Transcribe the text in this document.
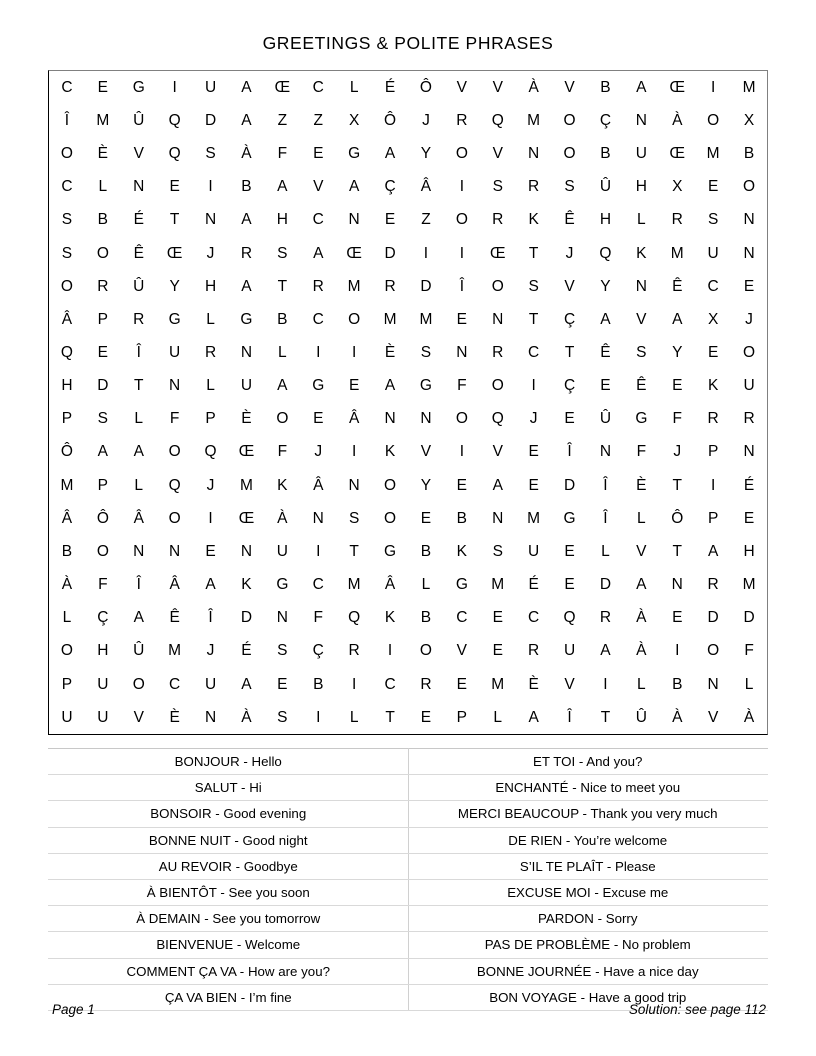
GREETINGS & POLITE PHRASES
C	E	G	I	U	A	Œ	C	L	É	Ô	V	V	À	V	B	A	Œ	I	M
Î	M	Û	Q	D	A	Z	Z	X	Ô	J	R	Q	M	O	Ç	N	À	O	X
O	È	V	Q	S	À	F	E	G	A	Y	O	V	N	O	B	U	Œ	M	B
C	L	N	E	I	B	A	V	A	Ç	Â	I	S	R	S	Û	H	X	E	O
S	B	É	T	N	A	H	C	N	E	Z	O	R	K	Ê	H	L	R	S	N
S	O	Ê	Œ	J	R	S	A	Œ	D	I	I	Œ	T	J	Q	K	M	U	N
O	R	Û	Y	H	A	T	R	M	R	D	Î	O	S	V	Y	N	Ê	C	E
Â	P	R	G	L	G	B	C	O	M	M	E	N	T	Ç	A	V	A	X	J
Q	E	Î	U	R	N	L	I	I	È	S	N	R	C	T	Ê	S	Y	E	O
H	D	T	N	L	U	A	G	E	A	G	F	O	I	Ç	E	Ê	E	K	U
P	S	L	F	P	È	O	E	Â	N	N	O	Q	J	E	Û	G	F	R	R
Ô	A	A	O	Q	Œ	F	J	I	K	V	I	V	E	Î	N	F	J	P	N
M	P	L	Q	J	M	K	Â	N	O	Y	E	A	E	D	Î	È	T	I	É
Â	Ô	Â	O	I	Œ	À	N	S	O	E	B	N	M	G	Î	L	Ô	P	E
B	O	N	N	E	N	U	I	T	G	B	K	S	U	E	L	V	T	A	H
À	F	Î	Â	A	K	G	C	M	Â	L	G	M	É	E	D	A	N	R	M
L	Ç	A	Ê	Î	D	N	F	Q	K	B	C	E	C	Q	R	À	E	D	D
O	H	Û	M	J	É	S	Ç	R	I	O	V	E	R	U	A	À	I	O	F
P	U	O	C	U	A	E	B	I	C	R	E	M	È	V	I	L	B	N	L
U	U	V	È	N	À	S	I	L	T	E	P	L	A	Î	T	Û	À	V	À
BONJOUR - Hello	ET TOI - And you?
SALUT - Hi	ENCHANTÉ - Nice to meet you
BONSOIR - Good evening	MERCI BEAUCOUP - Thank you very much
BONNE NUIT - Good night	DE RIEN - You’re welcome
AU REVOIR - Goodbye	S’IL TE PLAÎT - Please
À BIENTÔT - See you soon	EXCUSE MOI - Excuse me
À DEMAIN - See you tomorrow	PARDON - Sorry
BIENVENUE - Welcome	PAS DE PROBLÈME - No problem
COMMENT ÇA VA - How are you?	BONNE JOURNÉE - Have a nice day
ÇA VA BIEN - I’m fine	BON VOYAGE - Have a good trip
Page 1	Solution: see page 112
